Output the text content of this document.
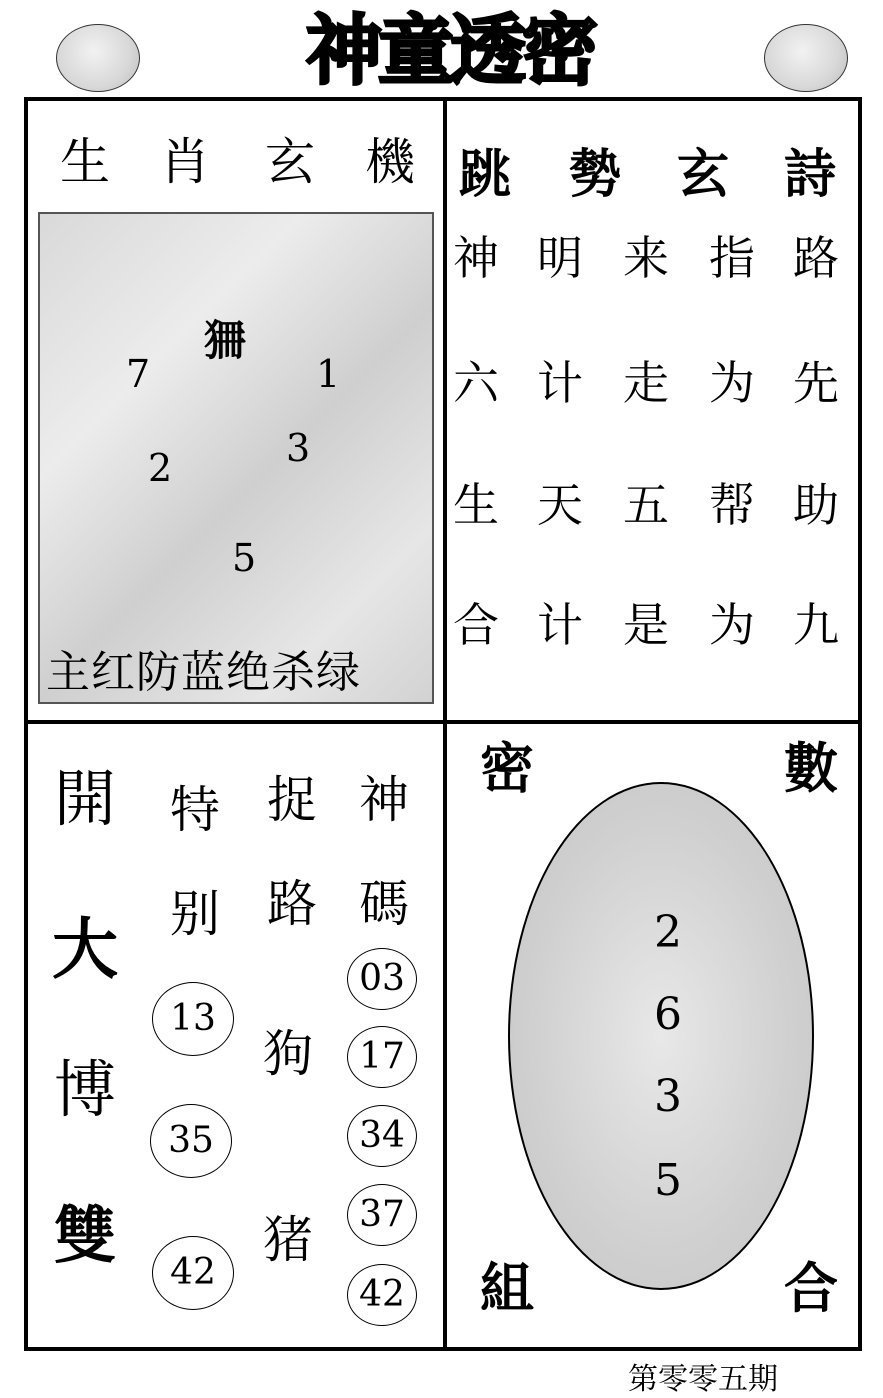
神童透密
生 肖 玄 機
狦
7	1
2	3
5
主红防蓝绝杀绿
跳 勢 玄 詩
神 明 来 指 路
六 计 走 为 先
生 天 五 帮 助
合 计 是 为 九
開
大
博
雙
特
别
捉
路
神
碼
13
35
42
狗
猪
03
17
34
37
42
密	數
組	合
2
6
3
5
第零零五期
